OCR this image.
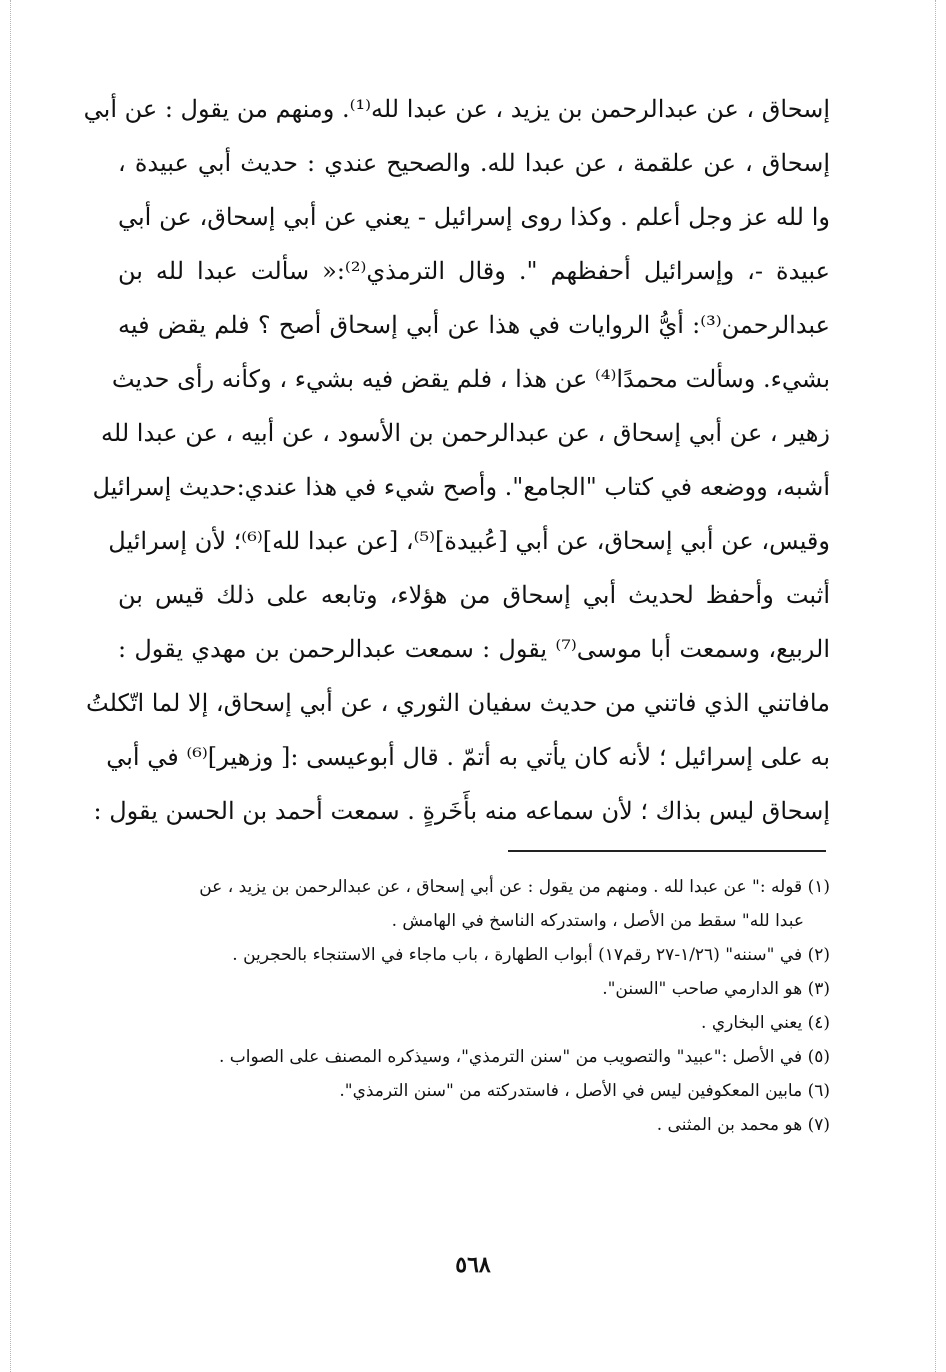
إسحاق ، عن عبدالرحمن بن يزيد ، عن عبدا لله⁽¹⁾. ومنهم من يقول : عن أبي
إسحاق ، عن علقمة ، عن عبدا لله. والصحيح عندي : حديث أبي عبيدة ،
وا لله عز وجل أعلم . وكذا روى إسرائيل - يعني عن أبي إسحاق، عن أبي
عبيدة -، وإسرائيل أحفظهم ". وقال الترمذي⁽²⁾:« سألت عبدا لله بن
عبدالرحمن⁽³⁾: أيُّ الروايات في هذا عن أبي إسحاق أصح ؟ فلم يقض فيه
بشيء. وسألت محمدًا⁽⁴⁾ عن هذا ، فلم يقض فيه بشيء ، وكأنه رأى حديث
زهير ، عن أبي إسحاق ، عن عبدالرحمن بن الأسود ، عن أبيه ، عن عبدا لله
أشبه، ووضعه في كتاب "الجامع". وأصح شيء في هذا عندي:حديث إسرائيل
وقيس، عن أبي إسحاق، عن أبي [عُبيدة]⁽⁵⁾، [عن عبدا لله]⁽⁶⁾؛ لأن إسرائيل
أثبت وأحفظ لحديث أبي إسحاق من هؤلاء، وتابعه على ذلك قيس بن
الربيع، وسمعت أبا موسى⁽⁷⁾ يقول : سمعت عبدالرحمن بن مهدي يقول :
مافاتني الذي فاتني من حديث سفيان الثوري ، عن أبي إسحاق، إلا لما اتّكلتُ
به على إسرائيل ؛ لأنه كان يأتي به أتمّ . قال أبوعيسى :[ وزهير]⁽⁶⁾ في أبي
إسحاق ليس بذاك ؛ لأن سماعه منه بأَخَرةٍ . سمعت أحمد بن الحسن يقول :
(١) قوله :" عن عبدا لله . ومنهم من يقول : عن أبي إسحاق ، عن عبدالرحمن بن يزيد ، عن
عبدا لله" سقط من الأصل ، واستدركه الناسخ في الهامش .
(٢) في "سننه" (١/٢٦-٢٧ رقم١٧) أبواب الطهارة ، باب ماجاء في الاستنجاء بالحجرين .
(٣) هو الدارمي صاحب "السنن".
(٤) يعني البخاري .
(٥) في الأصل :"عبيد" والتصويب من "سنن الترمذي"، وسيذكره المصنف على الصواب .
(٦) مابين المعكوفين ليس في الأصل ، فاستدركته من "سنن الترمذي".
(٧) هو محمد بن المثنى .
٥٦٨
